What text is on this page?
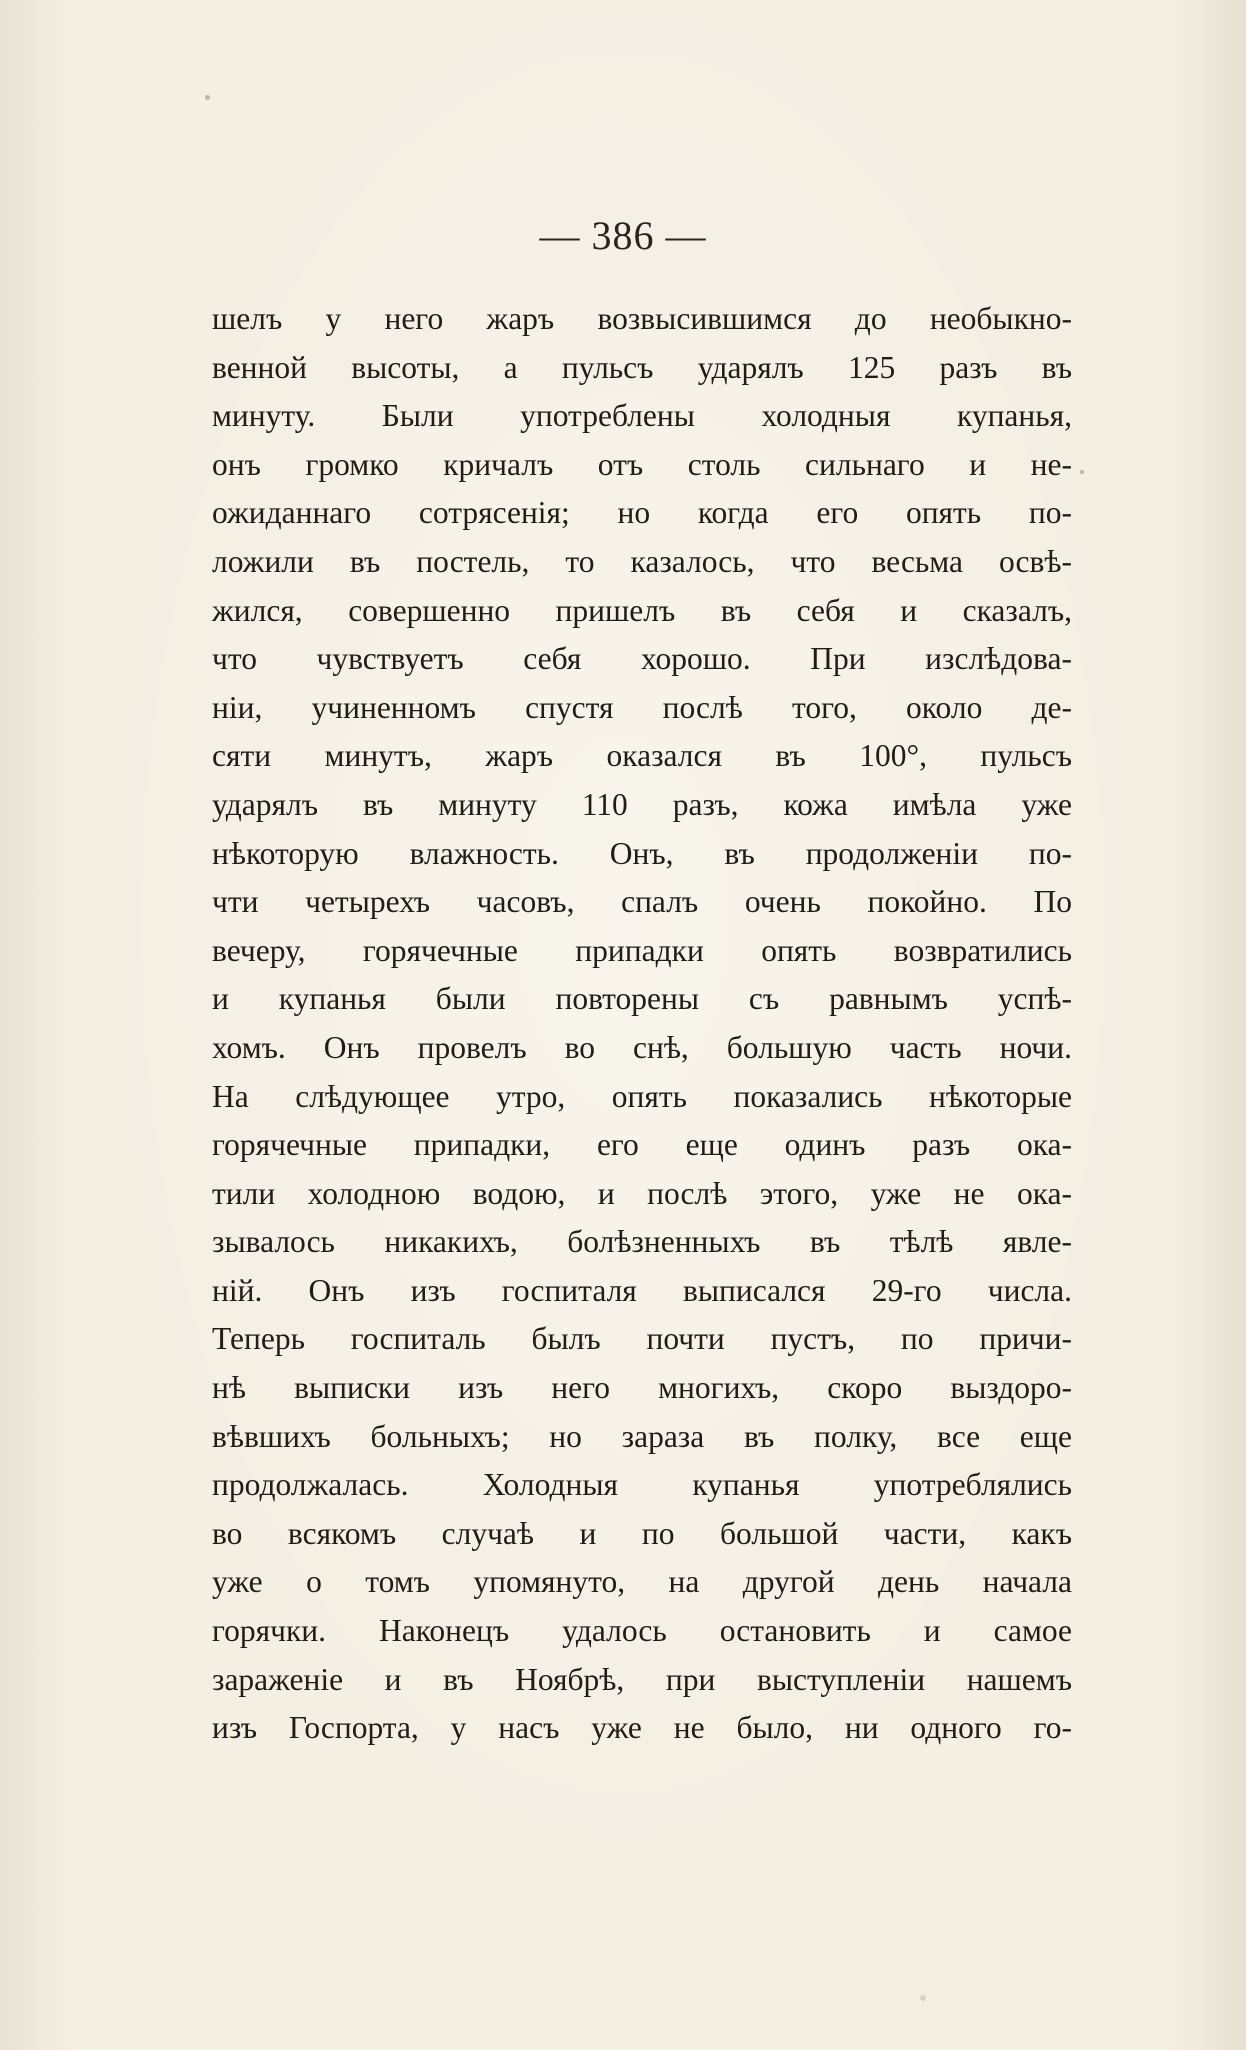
— 386 —
шелъ у него жаръ возвысившимся до необыкно-
венной высоты, а пульсъ ударялъ 125 разъ въ
минуту. Были употреблены холодныя купанья,
онъ громко кричалъ отъ столь сильнаго и не-
ожиданнаго сотрясенія; но когда его опять по-
ложили въ постель, то казалось, что весьма освѣ-
жился, совершенно пришелъ въ себя и сказалъ,
что чувствуетъ себя хорошо. При изслѣдова-
ніи, учиненномъ спустя послѣ того, около де-
сяти минутъ, жаръ оказался въ 100°, пульсъ
ударялъ въ минуту 110 разъ, кожа имѣла уже
нѣкоторую влажность. Онъ, въ продолженіи по-
чти четырехъ часовъ, спалъ очень покойно. По
вечеру, горячечные припадки опять возвратились
и купанья были повторены съ равнымъ успѣ-
хомъ. Онъ провелъ во снѣ, большую часть ночи.
На слѣдующее утро, опять показались нѣкоторые
горячечные припадки, его еще одинъ разъ ока-
тили холодною водою, и послѣ этого, уже не ока-
зывалось никакихъ, болѣзненныхъ въ тѣлѣ явле-
ній. Онъ изъ госпиталя выписался 29-го числа.
Теперь госпиталь былъ почти пустъ, по причи-
нѣ выписки изъ него многихъ, скоро выздоро-
вѣвшихъ больныхъ; но зараза въ полку, все еще
продолжалась. Холодныя купанья употреблялись
во всякомъ случаѣ и по большой части, какъ
уже о томъ упомянуто, на другой день начала
горячки. Наконецъ удалось остановить и самое
зараженіе и въ Ноябрѣ, при выступленіи нашемъ
изъ Госпорта, у насъ уже не было, ни одного го-
